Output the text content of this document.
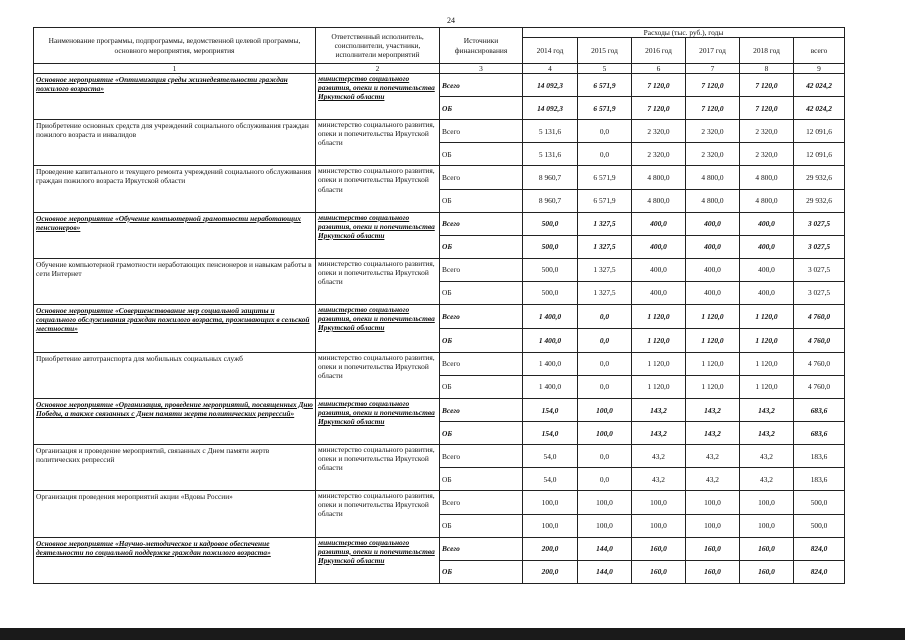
24
Наименование программы, подпрограммы, ведомственной целевой программы, основного мероприятия, мероприятия	Ответственный исполнитель, соисполнители, участники, исполнители мероприятий	Источники финансирования	Расходы (тыс. руб.), годы					
			2014 год	2015 год	2016 год	2017 год	2018 год	всего
1	2	3	4	5	6	7	8	9
Основное мероприятие «Оптимизация среды жизнедеятельности граждан пожилого возраста»	министерство социального развития, опеки и попечительства Иркутской области	Всего	14 092,3	6 571,9	7 120,0	7 120,0	7 120,0	42 024,2
		ОБ	14 092,3	6 571,9	7 120,0	7 120,0	7 120,0	42 024,2
Приобретение основных средств для учреждений социального обслуживания граждан пожилого возраста и инвалидов	министерство социального развития, опеки и попечительства Иркутской области	Всего	5 131,6	0,0	2 320,0	2 320,0	2 320,0	12 091,6
		ОБ	5 131,6	0,0	2 320,0	2 320,0	2 320,0	12 091,6
Проведение капитального и текущего ремонта учреждений социального обслуживания граждан пожилого возраста Иркутской области	министерство социального развития, опеки и попечительства Иркутской области	Всего	8 960,7	6 571,9	4 800,0	4 800,0	4 800,0	29 932,6
		ОБ	8 960,7	6 571,9	4 800,0	4 800,0	4 800,0	29 932,6
Основное мероприятие «Обучение компьютерной грамотности неработающих пенсионеров»	министерство социального развития, опеки и попечительства Иркутской области	Всего	500,0	1 327,5	400,0	400,0	400,0	3 027,5
		ОБ	500,0	1 327,5	400,0	400,0	400,0	3 027,5
Обучение компьютерной грамотности неработающих пенсионеров и навыкам работы в сети Интернет	министерство социального развития, опеки и попечительства Иркутской области	Всего	500,0	1 327,5	400,0	400,0	400,0	3 027,5
		ОБ	500,0	1 327,5	400,0	400,0	400,0	3 027,5
Основное мероприятие «Совершенствование мер социальной защиты и социального обслуживания граждан пожилого возраста, проживающих в сельской местности»	министерство социального развития, опеки и попечительства Иркутской области	Всего	1 400,0	0,0	1 120,0	1 120,0	1 120,0	4 760,0
		ОБ	1 400,0	0,0	1 120,0	1 120,0	1 120,0	4 760,0
Приобретение автотранспорта для мобильных социальных служб	министерство социального развития, опеки и попечительства Иркутской области	Всего	1 400,0	0,0	1 120,0	1 120,0	1 120,0	4 760,0
		ОБ	1 400,0	0,0	1 120,0	1 120,0	1 120,0	4 760,0
Основное мероприятие «Организация, проведение мероприятий, посвященных Дню Победы, а также связанных с Днем памяти жертв политических репрессий»	министерство социального развития, опеки и попечительства Иркутской области	Всего	154,0	100,0	143,2	143,2	143,2	683,6
		ОБ	154,0	100,0	143,2	143,2	143,2	683,6
Организация и проведение мероприятий, связанных с Днем памяти жертв политических репрессий	министерство социального развития, опеки и попечительства Иркутской области	Всего	54,0	0,0	43,2	43,2	43,2	183,6
		ОБ	54,0	0,0	43,2	43,2	43,2	183,6
Организация проведения мероприятий акции «Вдовы России»	министерство социального развития, опеки и попечительства Иркутской области	Всего	100,0	100,0	100,0	100,0	100,0	500,0
		ОБ	100,0	100,0	100,0	100,0	100,0	500,0
Основное мероприятие «Научно-методическое и кадровое обеспечение деятельности по социальной поддержке граждан пожилого возраста»	министерство социального развития, опеки и попечительства Иркутской области	Всего	200,0	144,0	160,0	160,0	160,0	824,0
		ОБ	200,0	144,0	160,0	160,0	160,0	824,0
